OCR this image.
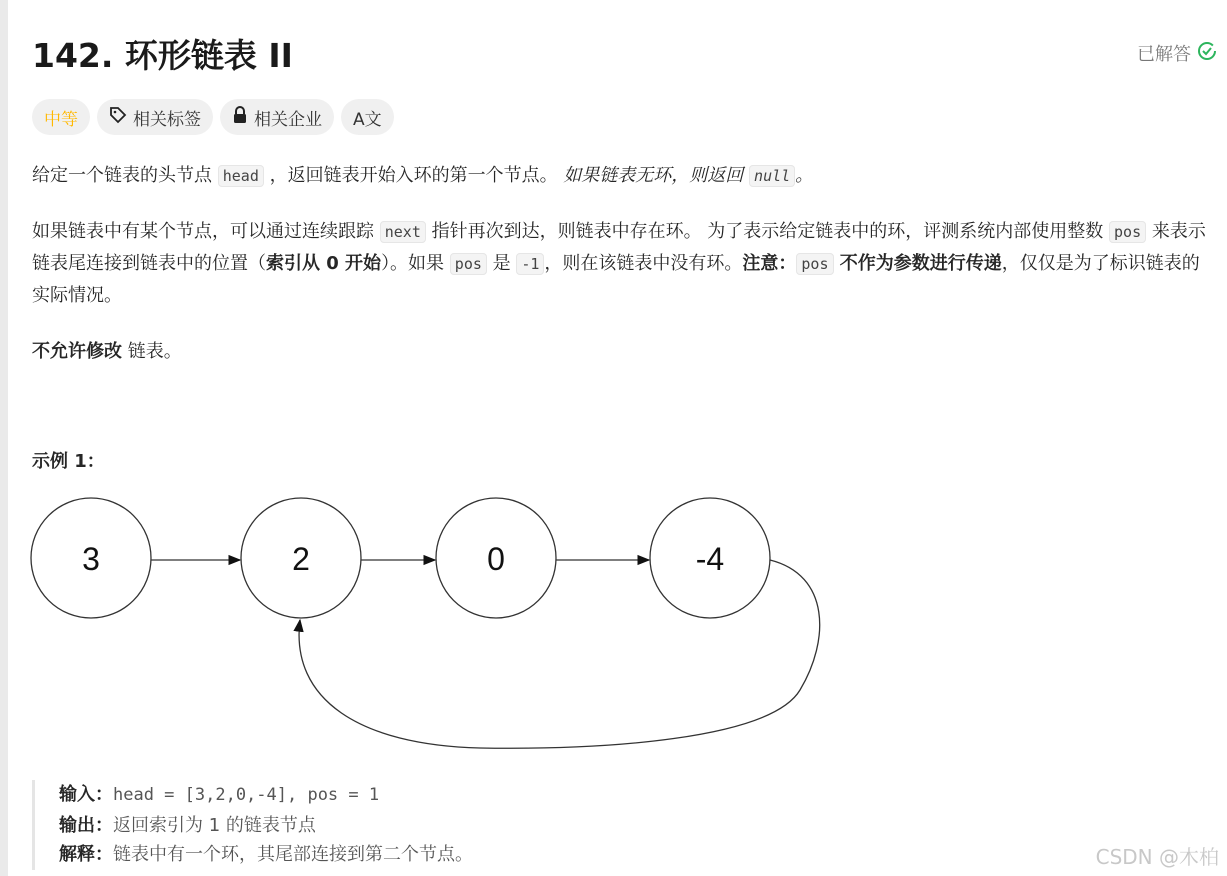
142. 环形链表 II	已解答
中等	相关标签	相关企业	A文
给定一个链表的头节点 head ，返回链表开始入环的第一个节点。 如果链表无环，则返回 null 。
如果链表中有某个节点，可以通过连续跟踪 next 指针再次到达，则链表中存在环。 为了表示给定链表中的环，评测系统内部使用整数 pos 来表示链表尾连接到链表中的位置（索引从 0 开始）。如果 pos 是 -1 ，则在该链表中没有环。注意： pos 不作为参数进行传递，仅仅是为了标识链表的实际情况。
不允许修改 链表。
示例 1：
3	2	0	-4
输入：head = [3,2,0,-4], pos = 1
输出：返回索引为 1 的链表节点
解释：链表中有一个环，其尾部连接到第二个节点。	CSDN @木柏
